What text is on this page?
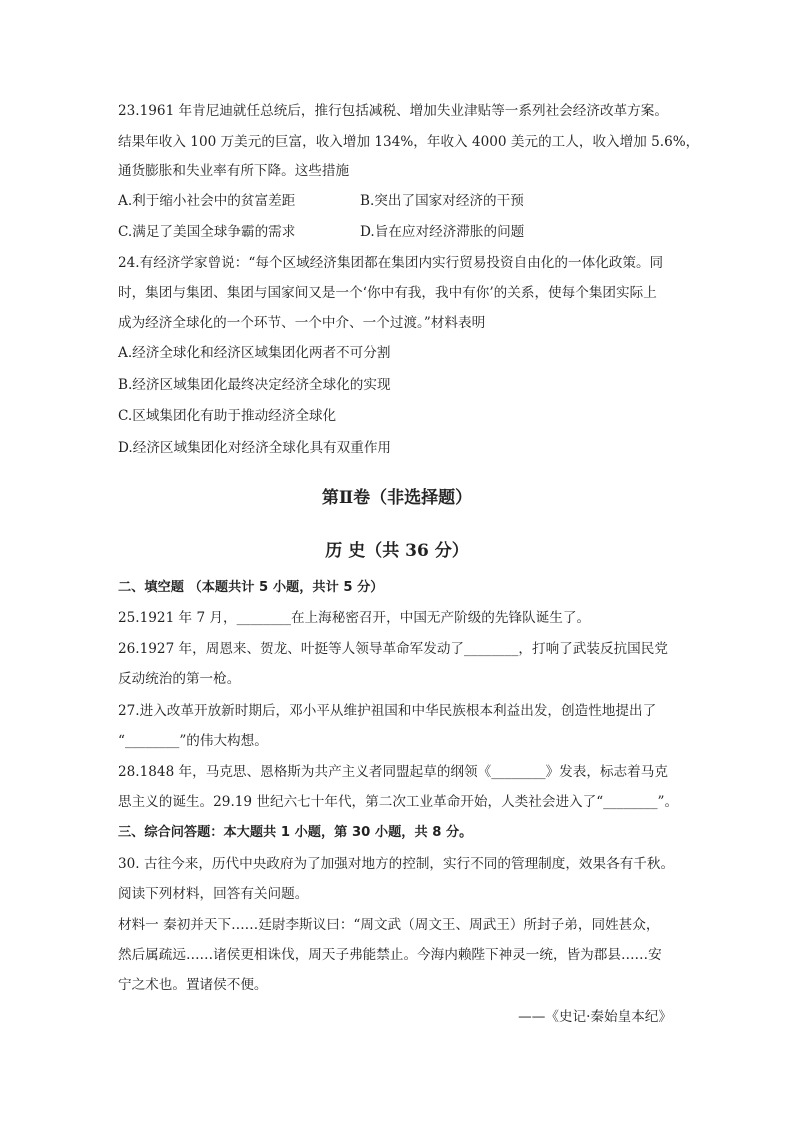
23.1961 年肯尼迪就任总统后，推行包括减税、增加失业津贴等一系列社会经济改革方案。
结果年收入 100 万美元的巨富，收入增加 134%，年收入 4000 美元的工人，收入增加 5.6%，
通货膨胀和失业率有所下降。这些措施
A.利于缩小社会中的贫富差距	B.突出了国家对经济的干预
C.满足了美国全球争霸的需求	D.旨在应对经济滞胀的问题
24.有经济学家曾说：“每个区域经济集团都在集团内实行贸易投资自由化的一体化政策。同
时，集团与集团、集团与国家间又是一个‘你中有我，我中有你’的关系，使每个集团实际上
成为经济全球化的一个环节、一个中介、一个过渡。”材料表明
A.经济全球化和经济区域集团化两者不可分割
B.经济区域集团化最终决定经济全球化的实现
C.区域集团化有助于推动经济全球化
D.经济区域集团化对经济全球化具有双重作用
第Ⅱ卷（非选择题）
历 史（共 36 分）
二、填空题 （本题共计 5 小题，共计 5 分）
25.1921 年 7 月，________在上海秘密召开，中国无产阶级的先锋队诞生了。
26.1927 年，周恩来、贺龙、叶挺等人领导革命军发动了________，打响了武装反抗国民党
反动统治的第一枪。
27.进入改革开放新时期后，邓小平从维护祖国和中华民族根本利益出发，创造性地提出了
“________”的伟大构想。
28.1848 年，马克思、恩格斯为共产主义者同盟起草的纲领《________》发表，标志着马克
思主义的诞生。29.19 世纪六七十年代，第二次工业革命开始，人类社会进入了“________”。
三、综合问答题：本大题共 1 小题，第 30 小题，共 8 分。
30. 古往今来，历代中央政府为了加强对地方的控制，实行不同的管理制度，效果各有千秋。
阅读下列材料，回答有关问题。
材料一 秦初并天下……廷尉李斯议曰：“周文武（周文王、周武王）所封子弟，同姓甚众，
然后属疏远……诸侯更相诛伐，周天子弗能禁止。今海内赖陛下神灵一统，皆为郡县……安
宁之术也。置诸侯不便。
——《史记·秦始皇本纪》
